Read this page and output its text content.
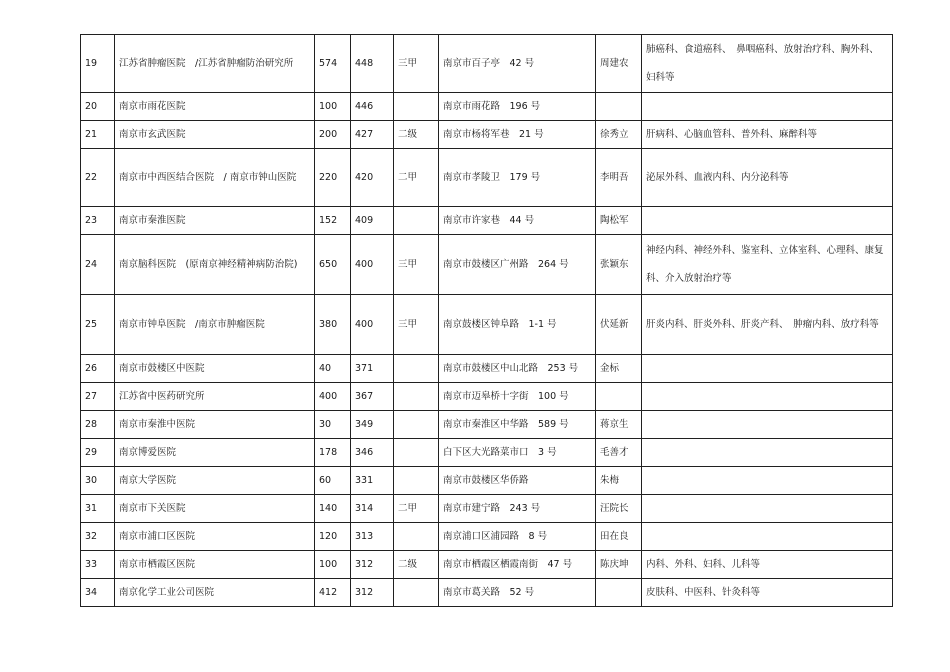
19	江苏省肿瘤医院　/江苏省肿瘤防治研究所	574	448	三甲	南京市百子亭　42 号	周建农	肺癌科、食道癌科、　鼻咽癌科、放射治疗科、胸外科、妇科等
20	南京市雨花医院	100	446		南京市雨花路　196 号		
21	南京市玄武医院	200	427	二级	南京市杨将军巷　21 号	徐秀立	肝病科、心脑血管科、普外科、麻醉科等
22	南京市中西医结合医院　/ 南京市钟山医院	220	420	二甲	南京市孝陵卫　179 号	李明吾	泌尿外科、血液内科、内分泌科等
23	南京市秦淮医院	152	409		南京市许家巷　44 号	陶松军	
24	南京脑科医院　(原南京神经精神病防治院)	650	400	三甲	南京市鼓楼区广州路　264 号	张颖东	神经内科、神经外科、鉴室科、立体室科、心理科、康复科、介入放射治疗等
25	南京市钟阜医院　/南京市肿瘤医院	380	400	三甲	南京鼓楼区钟阜路　1-1 号	伏延新	肝炎内科、肝炎外科、肝炎产科、　肿瘤内科、放疗科等
26	南京市鼓楼区中医院	40	371		南京市鼓楼区中山北路　253 号	金标	
27	江苏省中医药研究所	400	367		南京市迈皋桥十字街　100 号		
28	南京市秦淮中医院	30	349		南京市秦淮区中华路　589 号	蒋京生	
29	南京博爱医院	178	346		白下区大光路菜市口　3 号	毛善才	
30	南京大学医院	60	331		南京市鼓楼区华侨路	朱梅	
31	南京市下关医院	140	314	二甲	南京市建宁路　243 号	汪院长	
32	南京市浦口区医院	120	313		南京浦口区浦园路　8 号	田在良	
33	南京市栖霞区医院	100	312	二级	南京市栖霞区栖霞南街　47 号	陈庆坤	内科、外科、妇科、儿科等
34	南京化学工业公司医院	412	312		南京市葛关路　52 号		皮肤科、中医科、针灸科等
